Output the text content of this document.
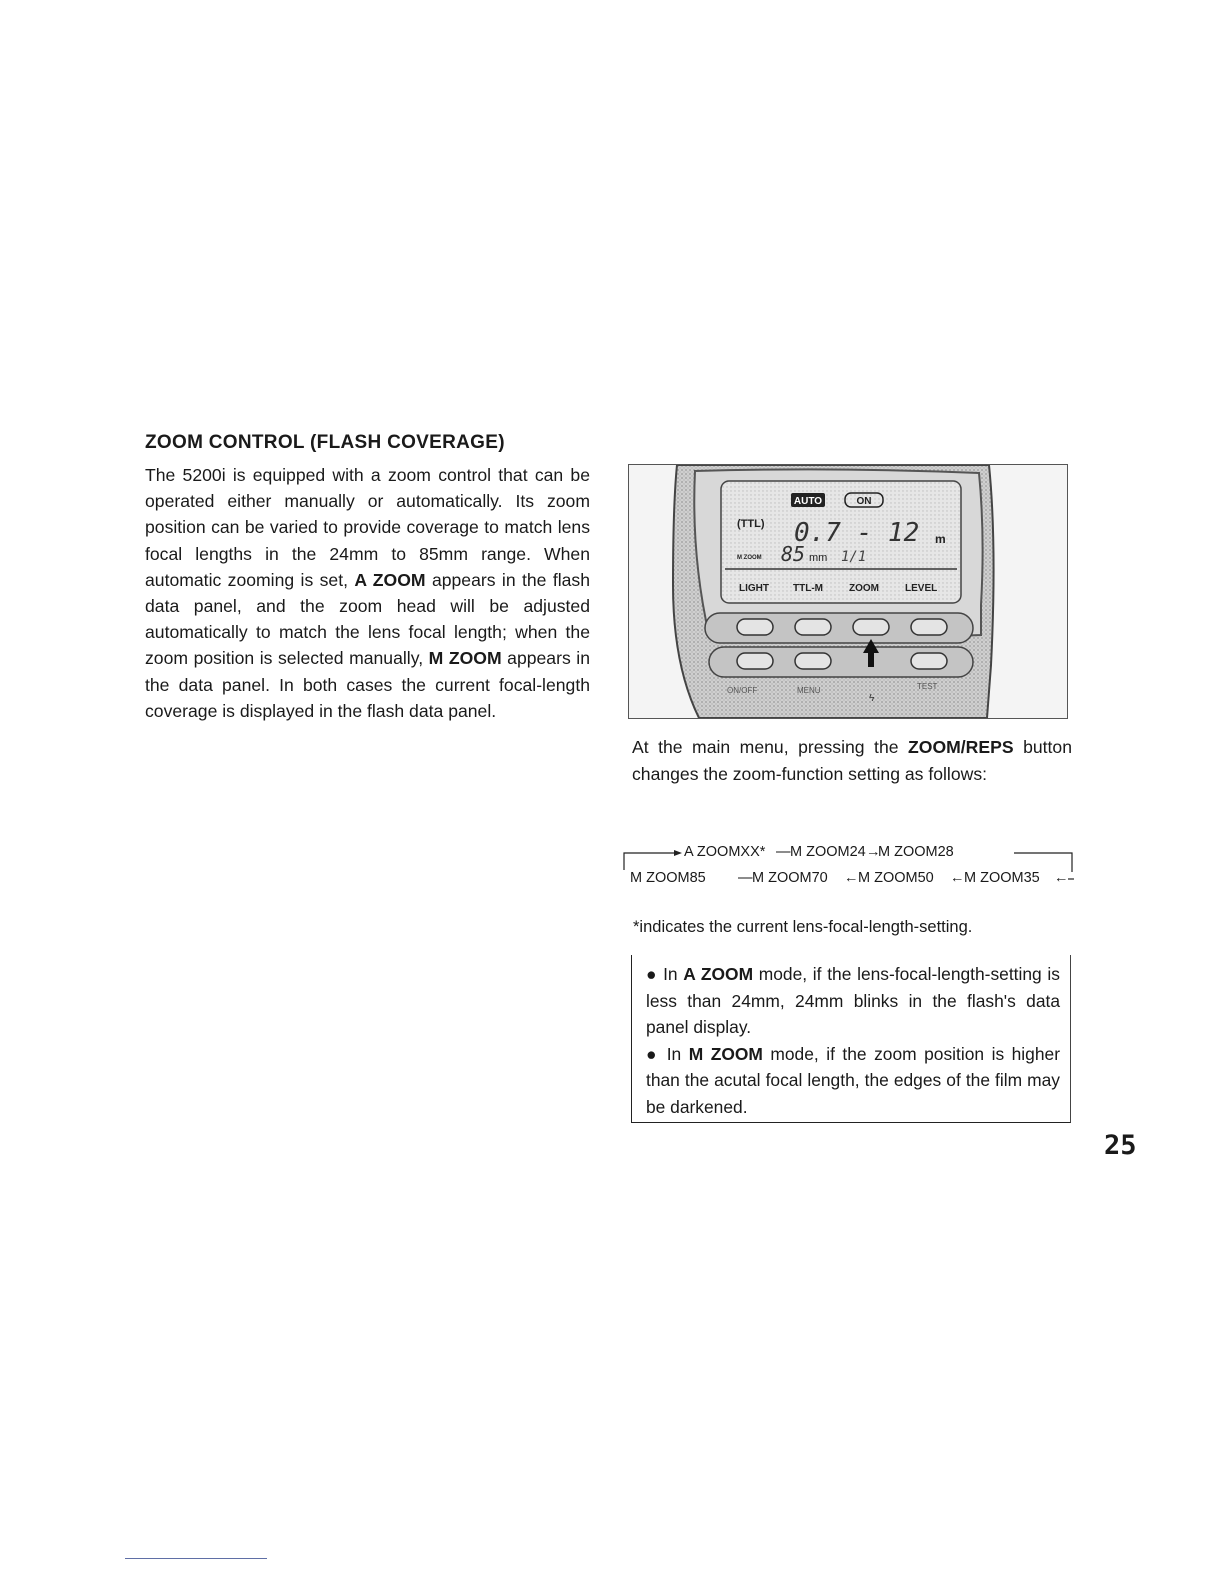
ZOOM CONTROL (FLASH COVERAGE)

The 5200i is equipped with a zoom control that can be operated either manually or automatically. Its zoom position can be varied to provide coverage to match lens focal lengths in the 24mm to 85mm range. When automatic zooming is set, A ZOOM appears in the flash data panel, and the zoom head will be adjusted automatically to match the lens focal length; when the zoom position is selected manually, M ZOOM appears in the data panel. In both cases the current focal-length coverage is displayed in the flash data panel.

AUTO	ON
(TTL) 0.7 - 12 m
M ZOOM 85 mm 1/1
LIGHT TTL-M	ZOOM	LEVEL
ON/OFF	MENU
ϟ
TEST

At the main menu, pressing the ZOOM/REPS button changes the zoom-function setting as follows:

A ZOOMXX* — M ZOOM24 →
M ZOOM28
M ZOOM85 — M ZOOM70 ← M ZOOM50 ← M ZOOM35 ←

*indicates the current lens-focal-length-setting.

● In A ZOOM mode, if the lens-focal-length-setting is less than 24mm, 24mm blinks in the flash's data panel display.

● In M ZOOM mode, if the zoom position is higher than the acutal focal length, the edges of the film may be darkened.

25
